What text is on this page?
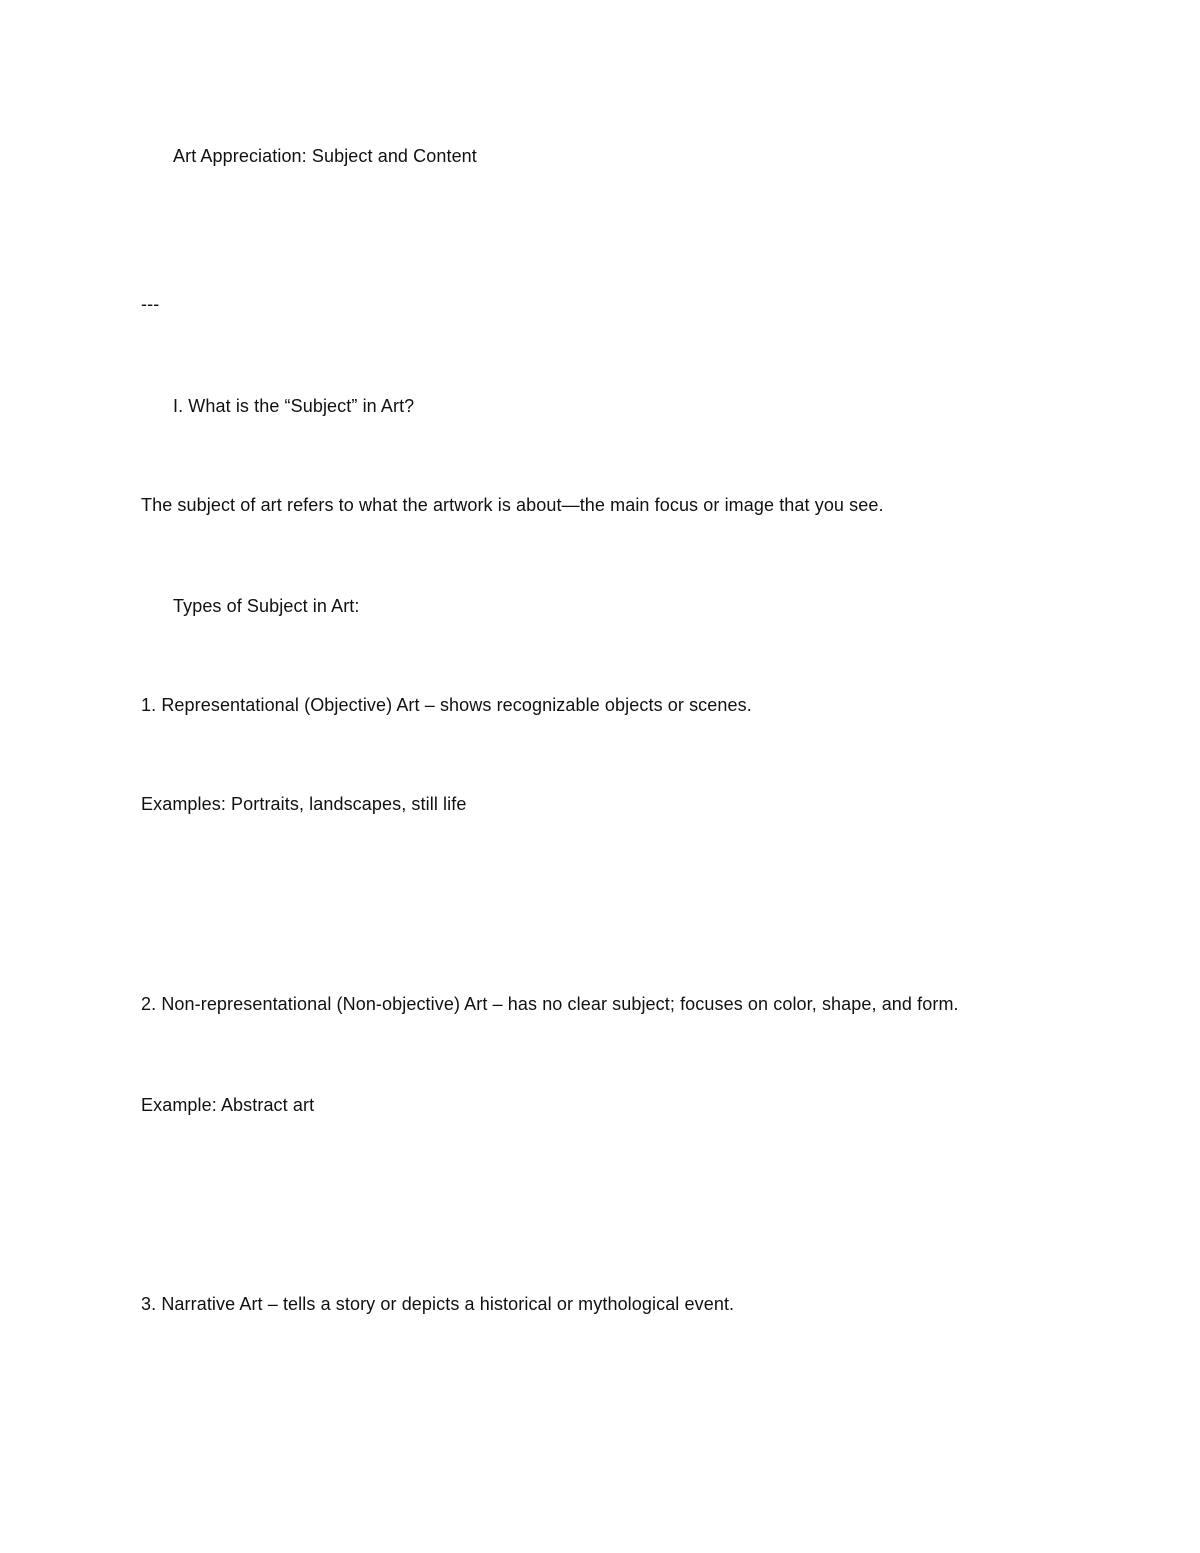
Art Appreciation: Subject and Content
---
I. What is the “Subject” in Art?
The subject of art refers to what the artwork is about—the main focus or image that you see.
Types of Subject in Art:
1. Representational (Objective) Art – shows recognizable objects or scenes.
Examples: Portraits, landscapes, still life
2. Non-representational (Non-objective) Art – has no clear subject; focuses on color, shape, and form.
Example: Abstract art
3. Narrative Art – tells a story or depicts a historical or mythological event.
